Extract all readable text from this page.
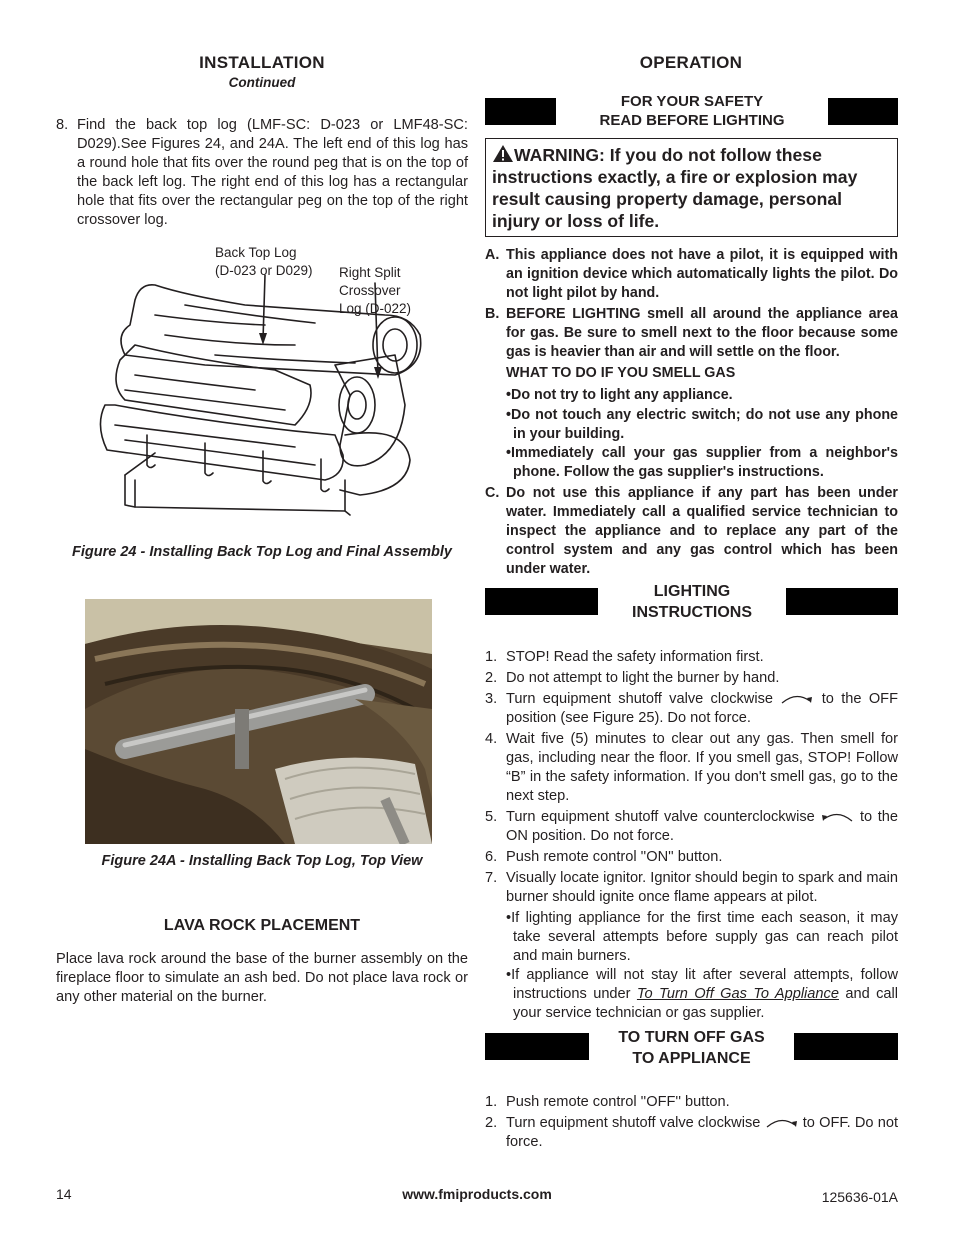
INSTALLATION
Continued
8. Find the back top log (LMF-SC: D-023 or LMF48-SC: D029).See Figures 24, and 24A. The left end of this log has a round hole that fits over the round peg that is on the top of the back left log. The right end of this log has a rectangular hole that fits over the rectangular peg on the top of the right crossover log.
Back Top Log
(D-023 or D029) Right Split
Crossover
Log (D-022)
Figure 24 - Installing Back Top Log and Final Assembly
Figure 24A - Installing Back Top Log, Top View
LAVA ROCK PLACEMENT
Place lava rock around the base of the burner assembly on the fireplace floor to simulate an ash bed. Do not place lava rock or any other material on the burner.
OPERATION
FOR YOUR SAFETY
READ BEFORE LIGHTING
WARNING: If you do not follow these instructions exactly, a fire or explosion may result causing property damage, personal injury or loss of life.
A. This appliance does not have a pilot, it is equipped with an ignition device which automatically lights the pilot. Do not light pilot by hand.
B. BEFORE LIGHTING smell all around the appliance area for gas. Be sure to smell next to the floor because some gas is heavier than air and will settle on the floor.
WHAT TO DO IF YOU SMELL GAS
•Do not try to light any appliance.
•Do not touch any electric switch; do not use any phone in your building.
•Immediately call your gas supplier from a neighbor's phone. Follow the gas supplier's instructions.
C. Do not use this appliance if any part has been under water. Immediately call a qualified service technician to inspect the appliance and to replace any part of the control system and any gas control which has been under water.
LIGHTING
INSTRUCTIONS
1. STOP! Read the safety information first.
2. Do not attempt to light the burner by hand.
3. Turn equipment shutoff valve clockwise	to the OFF position (see Figure 25). Do not force.
4. Wait five (5) minutes to clear out any gas. Then smell for gas, including near the floor. If you smell gas, STOP! Follow “B” in the safety information. If you don't smell gas, go to the next step.
5. Turn equipment shutoff valve counterclockwise	to the ON position. Do not force.
6. Push remote control ''ON'' button.
7. Visually locate ignitor. Ignitor should begin to spark and main burner should ignite once flame appears at pilot.
•If lighting appliance for the first time each season, it may take several attempts before supply gas can reach pilot and main burners.
•If appliance will not stay lit after several attempts, follow instructions under To Turn Off Gas To Appliance and call your service technician or gas supplier.
TO TURN OFF GAS
TO APPLIANCE
1. Push remote control ''OFF'' button.
2. Turn equipment shutoff valve clockwise	to OFF. Do not force.
14	www.fmiproducts.com	125636-01A
